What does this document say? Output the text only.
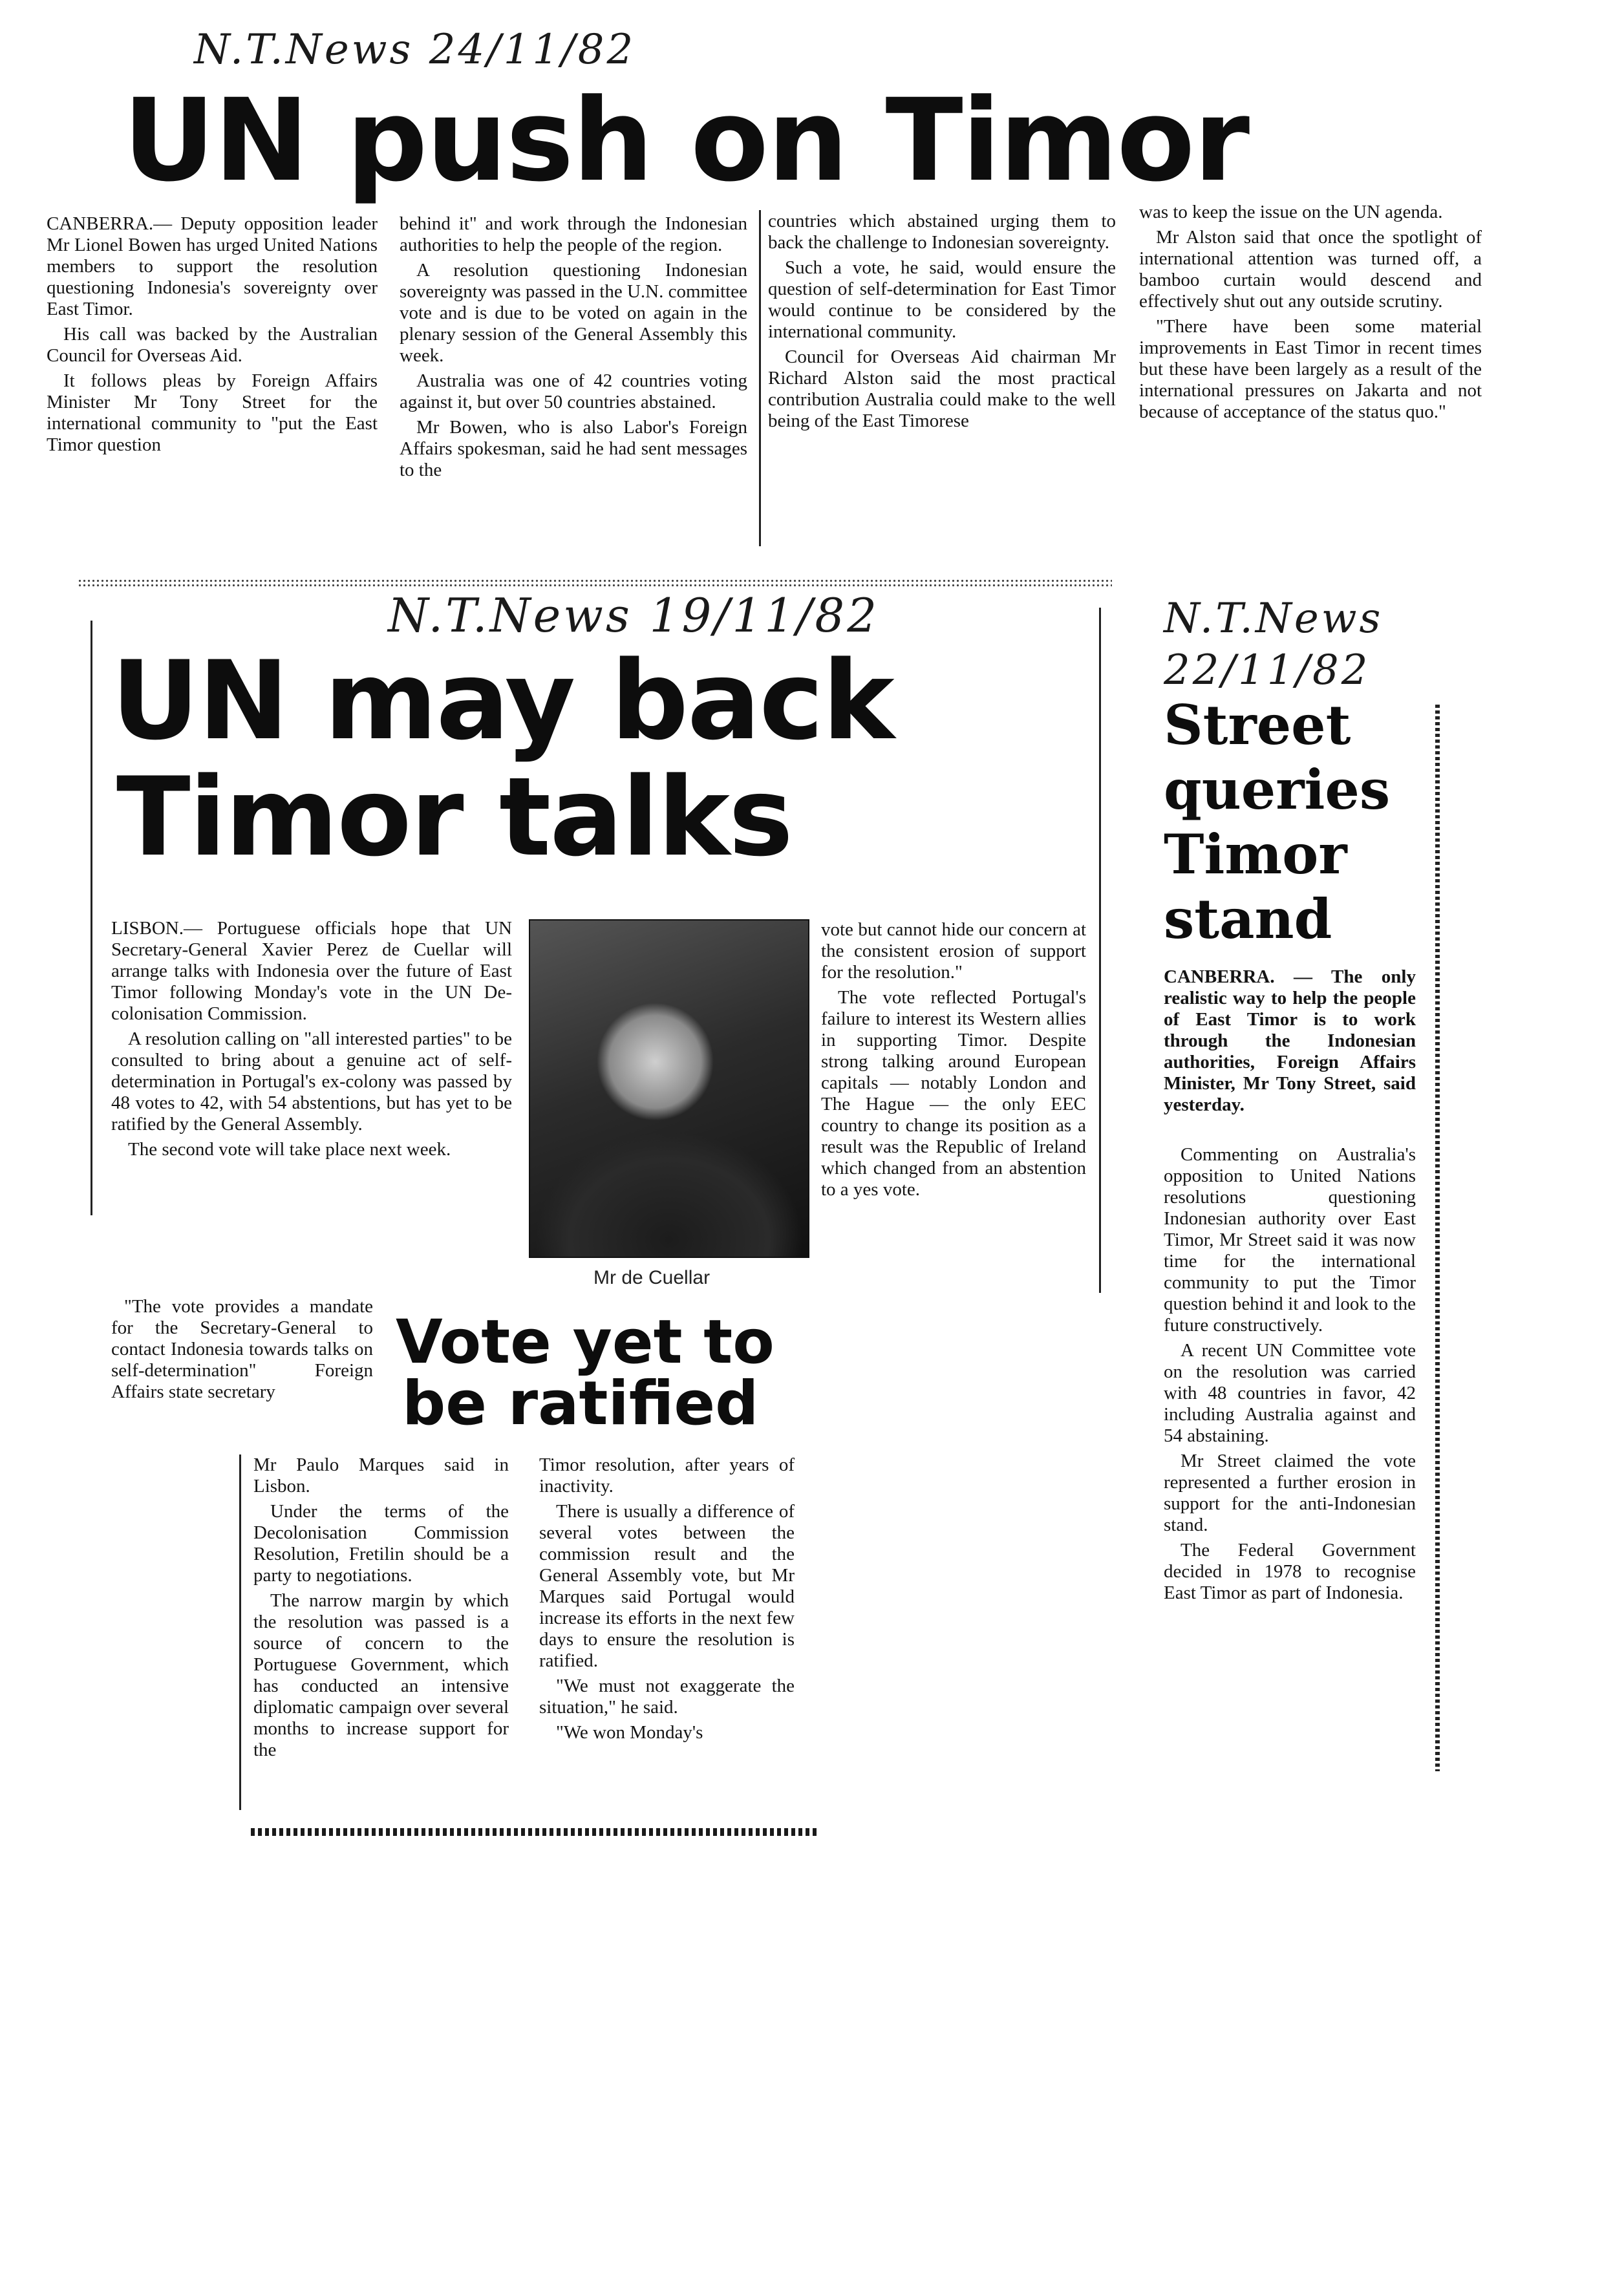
N.T.News 24/11/82
UN push on Timor

CANBERRA.— Deputy opposition leader Mr Lionel Bowen has urged United Nations members to support the resolution questioning Indonesia's sovereignty over East Timor.

His call was backed by the Australian Council for Overseas Aid.

It follows pleas by Foreign Affairs Minister Mr Tony Street for the international community to "put the East Timor question

behind it" and work through the Indonesian authorities to help the people of the region.

A resolution questioning Indonesian sovereignty was passed in the U.N. committee vote and is due to be voted on again in the plenary session of the General Assembly this week.

Australia was one of 42 countries voting against it, but over 50 countries abstained.

Mr Bowen, who is also Labor's Foreign Affairs spokesman, said he had sent messages to the

countries which abstained urging them to back the challenge to Indonesian sovereignty.

Such a vote, he said, would ensure the question of self-determination for East Timor would continue to be considered by the international community.

Council for Overseas Aid chairman Mr Richard Alston said the most practical contribution Australia could make to the well being of the East Timorese

was to keep the issue on the UN agenda.

Mr Alston said that once the spotlight of international attention was turned off, a bamboo curtain would descend and effectively shut out any outside scrutiny.

"There have been some material improvements in East Timor in recent times but these have been largely as a result of the international pressures on Jakarta and not because of acceptance of the status quo."

N.T.News 19/11/82
UN may back
Timor talks

LISBON.— Portuguese officials hope that UN Secretary-General Xavier Perez de Cuellar will arrange talks with Indonesia over the future of East Timor following Monday's vote in the UN De-colonisation Commission.

A resolution calling on "all interested parties" to be consulted to bring about a genuine act of self-determination in Portugal's ex-colony was passed by 48 votes to 42, with 54 abstentions, but has yet to be ratified by the General Assembly.

The second vote will take place next week.

"The vote provides a mandate for the Secretary-General to contact Indonesia towards talks on self-determination" Foreign Affairs state secretary
Mr de Cuellar

vote but cannot hide our concern at the consistent erosion of support for the resolution."

The vote reflected Portugal's failure to interest its Western allies in supporting Timor. Despite strong talking around European capitals — notably London and The Hague — the only EEC country to change its position as a result was the Republic of Ireland which changed from an abstention to a yes vote.

Vote yet to
be ratified

Mr Paulo Marques said in Lisbon.

Under the terms of the Decolonisation Commission Resolution, Fretilin should be a party to negotiations.

The narrow margin by which the resolution was passed is a source of concern to the Portuguese Government, which has conducted an intensive diplomatic campaign over several months to increase support for the

Timor resolution, after years of inactivity.

There is usually a difference of several votes between the commission result and the General Assembly vote, but Mr Marques said Portugal would increase its efforts in the next few days to ensure the resolution is ratified.

"We must not exaggerate the situation," he said.

"We won Monday's

N.T.News
22/11/82
Street
queries
Timor
stand
CANBERRA. — The only realistic way to help the people of East Timor is to work through the Indonesian authorities, Foreign Affairs Minister, Mr Tony Street, said yesterday.

Commenting on Australia's opposition to United Nations resolutions questioning Indonesian authority over East Timor, Mr Street said it was now time for the international community to put the Timor question behind it and look to the future constructively.

A recent UN Committee vote on the resolution was carried with 48 countries in favor, 42 including Australia against and 54 abstaining.

Mr Street claimed the vote represented a further erosion in support for the anti-Indonesian stand.

The Federal Government decided in 1978 to recognise East Timor as part of Indonesia.
